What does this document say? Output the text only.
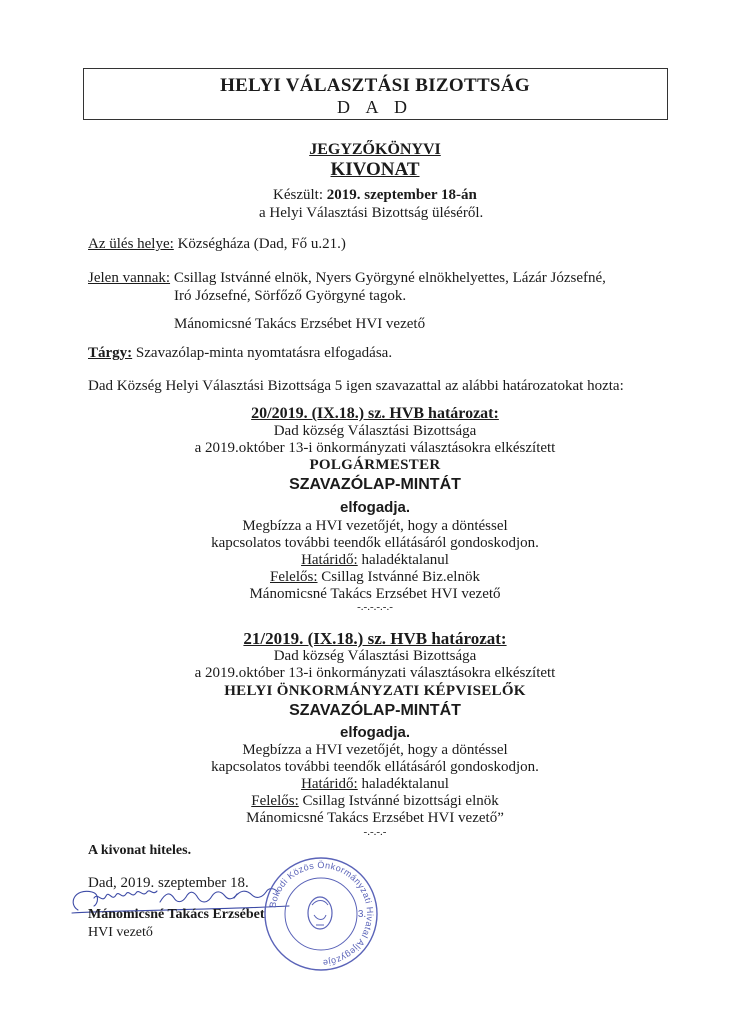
HELYI VÁLASZTÁSI BIZOTTSÁG
D A D
JEGYZŐKÖNYVI
KIVONAT
Készült: 2019. szeptember 18-án
a Helyi Választási Bizottság üléséről.
Az ülés helye: Községháza (Dad, Fő u.21.)
Jelen vannak: Csillag Istvánné elnök, Nyers Györgyné elnökhelyettes, Lázár Józsefné,
Iró Józsefné, Sörfőző Györgyné tagok.
Mánomicsné Takács Erzsébet HVI vezető
Tárgy: Szavazólap-minta nyomtatásra elfogadása.
Dad Község Helyi Választási Bizottsága 5 igen szavazattal az alábbi határozatokat hozta:
20/2019. (IX.18.) sz. HVB határozat:
Dad község Választási Bizottsága
a 2019.október 13-i önkormányzati választásokra elkészített
POLGÁRMESTER
SZAVAZÓLAP-MINTÁT
elfogadja.
Megbízza a HVI vezetőjét, hogy a döntéssel
kapcsolatos további teendők ellátásáról gondoskodjon.
Határidő: haladéktalanul
Felelős: Csillag Istvánné Biz.elnök
Mánomicsné Takács Erzsébet HVI vezető
-.-.-.-.-.-
21/2019. (IX.18.) sz. HVB határozat:
Dad község Választási Bizottsága
a 2019.október 13-i önkormányzati választásokra elkészített
HELYI ÖNKORMÁNYZATI KÉPVISELŐK
SZAVAZÓLAP-MINTÁT
elfogadja.
Megbízza a HVI vezetőjét, hogy a döntéssel
kapcsolatos további teendők ellátásáról gondoskodjon.
Határidő: haladéktalanul
Felelős: Csillag Istvánné bizottsági elnök
Mánomicsné Takács Erzsébet HVI vezető”
-.-.-.-
A kivonat hiteles.
Dad, 2019. szeptember 18.
Mánomicsné Takács Erzsébet
HVI vezető
Bokodi Közös Önkormányzati Hivatal Aljegyzője
3.
